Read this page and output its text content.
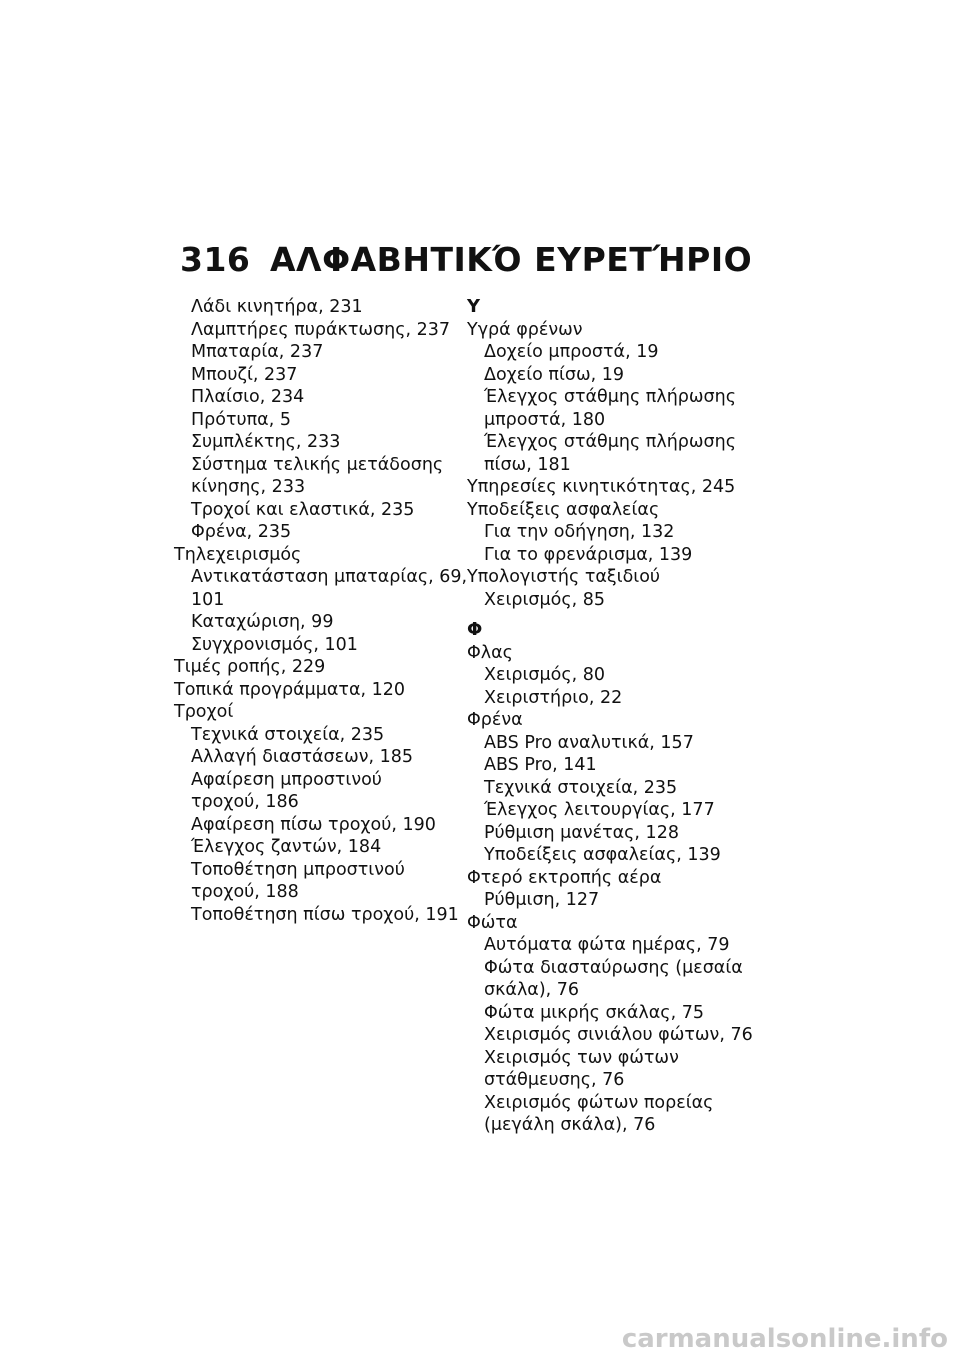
316 ΑΛΦΑΒΗΤΙΚΌ ΕΥΡΕΤΉΡΙΟ
Λάδι κινητήρα, 231
Λαμπτήρες πυράκτωσης, 237
Μπαταρία, 237
Μπουζί, 237
Πλαίσιο, 234
Πρότυπα, 5
Συμπλέκτης, 233
Σύστημα τελικής μετάδοσης
κίνησης, 233
Τροχοί και ελαστικά, 235
Φρένα, 235
Τηλεχειρισμός
Αντικατάσταση μπαταρίας, 69,
101
Καταχώριση, 99
Συγχρονισμός, 101
Τιμές ροπής, 229
Τοπικά προγράμματα, 120
Τροχοί
Τεχνικά στοιχεία, 235
Αλλαγή διαστάσεων, 185
Αφαίρεση μπροστινού
τροχού, 186
Αφαίρεση πίσω τροχού, 190
Έλεγχος ζαντών, 184
Τοποθέτηση μπροστινού
τροχού, 188
Τοποθέτηση πίσω τροχού, 191
Υ
Υγρά φρένων
Δοχείο μπροστά, 19
Δοχείο πίσω, 19
Έλεγχος στάθμης πλήρωσης
μπροστά, 180
Έλεγχος στάθμης πλήρωσης
πίσω, 181
Υπηρεσίες κινητικότητας, 245
Υποδείξεις ασφαλείας
Για την οδήγηση, 132
Για το φρενάρισμα, 139
Υπολογιστής ταξιδιού
Χειρισμός, 85
Φ
Φλας
Χειρισμός, 80
Χειριστήριο, 22
Φρένα
ABS Pro αναλυτικά, 157
ABS Pro, 141
Τεχνικά στοιχεία, 235
Έλεγχος λειτουργίας, 177
Ρύθμιση μανέτας, 128
Υποδείξεις ασφαλείας, 139
Φτερό εκτροπής αέρα
Ρύθμιση, 127
Φώτα
Αυτόματα φώτα ημέρας, 79
Φώτα διασταύρωσης (μεσαία
σκάλα), 76
Φώτα μικρής σκάλας, 75
Χειρισμός σινιάλου φώτων, 76
Χειρισμός των φώτων
στάθμευσης, 76
Χειρισμός φώτων πορείας
(μεγάλη σκάλα), 76
carmanualsonline.info
